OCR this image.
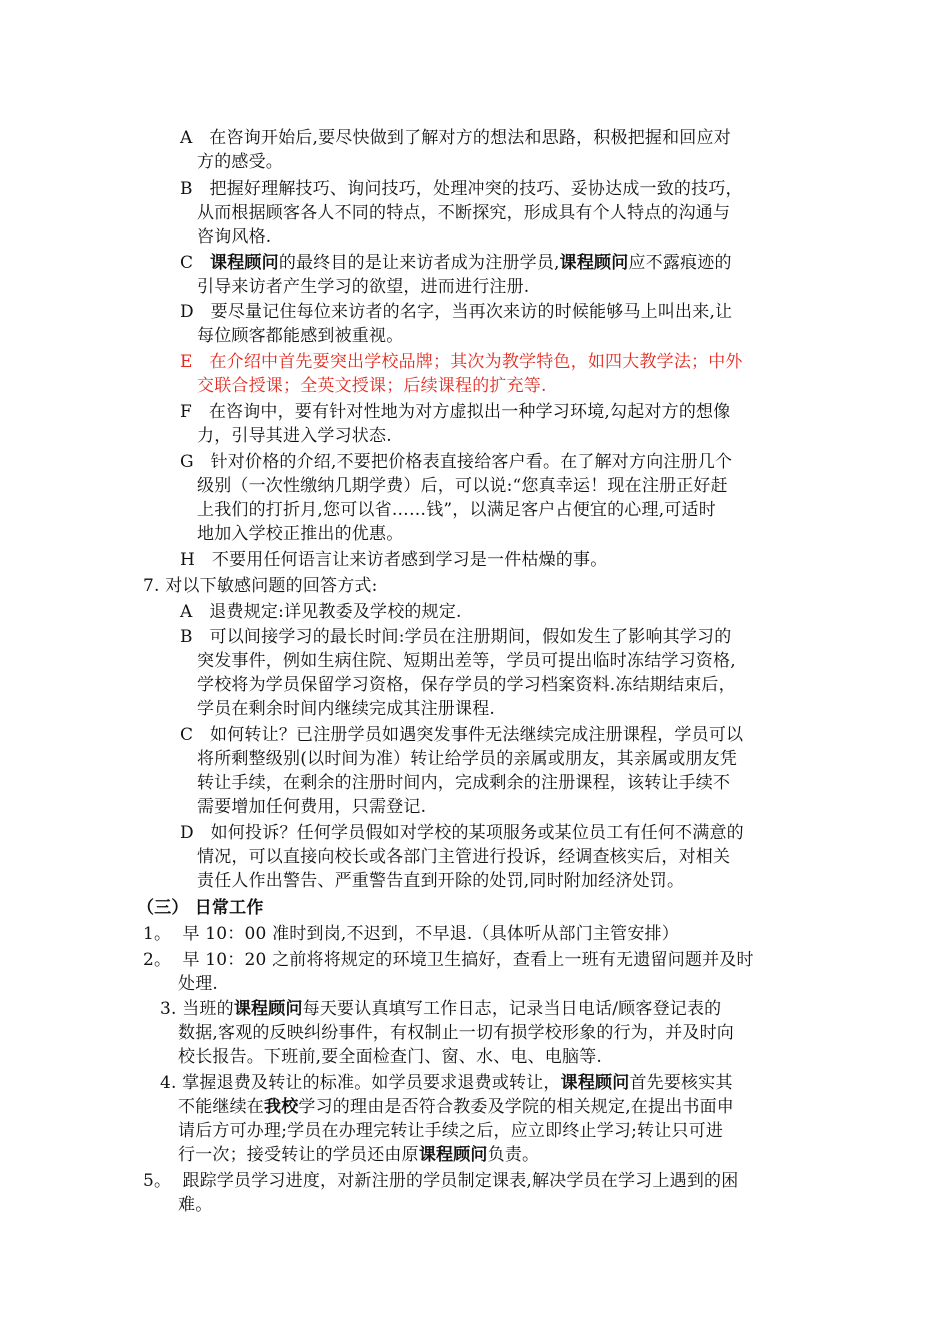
A 在咨询开始后,要尽快做到了解对方的想法和思路，积极把握和回应对
方的感受。
B 把握好理解技巧、询问技巧，处理冲突的技巧、妥协达成一致的技巧，
从而根据顾客各人不同的特点，不断探究，形成具有个人特点的沟通与
咨询风格.
C 课程顾问的最终目的是让来访者成为注册学员,课程顾问应不露痕迹的
引导来访者产生学习的欲望，进而进行注册.
D 要尽量记住每位来访者的名字，当再次来访的时候能够马上叫出来,让
每位顾客都能感到被重视。
E 在介绍中首先要突出学校品牌；其次为教学特色，如四大教学法；中外
交联合授课；全英文授课；后续课程的扩充等.
F 在咨询中，要有针对性地为对方虚拟出一种学习环境,勾起对方的想像
力，引导其进入学习状态.
G 针对价格的介绍,不要把价格表直接给客户看。在了解对方向注册几个
级别（一次性缴纳几期学费）后，可以说:“您真幸运！现在注册正好赶
上我们的打折月,您可以省……钱”，以满足客户占便宜的心理,可适时
地加入学校正推出的优惠。
H 不要用任何语言让来访者感到学习是一件枯燥的事。
7. 对以下敏感问题的回答方式:
A 退费规定:详见教委及学校的规定.
B 可以间接学习的最长时间:学员在注册期间，假如发生了影响其学习的
突发事件，例如生病住院、短期出差等，学员可提出临时冻结学习资格,
学校将为学员保留学习资格，保存学员的学习档案资料.冻结期结束后，
学员在剩余时间内继续完成其注册课程.
C 如何转让？已注册学员如遇突发事件无法继续完成注册课程，学员可以
将所剩整级别(以时间为准）转让给学员的亲属或朋友，其亲属或朋友凭
转让手续，在剩余的注册时间内，完成剩余的注册课程，该转让手续不
需要增加任何费用，只需登记.
D 如何投诉？任何学员假如对学校的某项服务或某位员工有任何不满意的
情况，可以直接向校长或各部门主管进行投诉，经调查核实后，对相关
责任人作出警告、严重警告直到开除的处罚,同时附加经济处罚。
（三） 日常工作
1。 早 10：00 准时到岗,不迟到，不早退.（具体听从部门主管安排）
2。 早 10：20 之前将将规定的环境卫生搞好，查看上一班有无遗留问题并及时
处理.
3. 当班的课程顾问每天要认真填写工作日志，记录当日电话/顾客登记表的
数据,客观的反映纠纷事件，有权制止一切有损学校形象的行为，并及时向
校长报告。下班前,要全面检查门、窗、水、电、电脑等.
4. 掌握退费及转让的标准。如学员要求退费或转让，课程顾问首先要核实其
不能继续在我校学习的理由是否符合教委及学院的相关规定,在提出书面申
请后方可办理;学员在办理完转让手续之后，应立即终止学习;转让只可进
行一次；接受转让的学员还由原课程顾问负责。
5。 跟踪学员学习进度，对新注册的学员制定课表,解决学员在学习上遇到的困
难。
